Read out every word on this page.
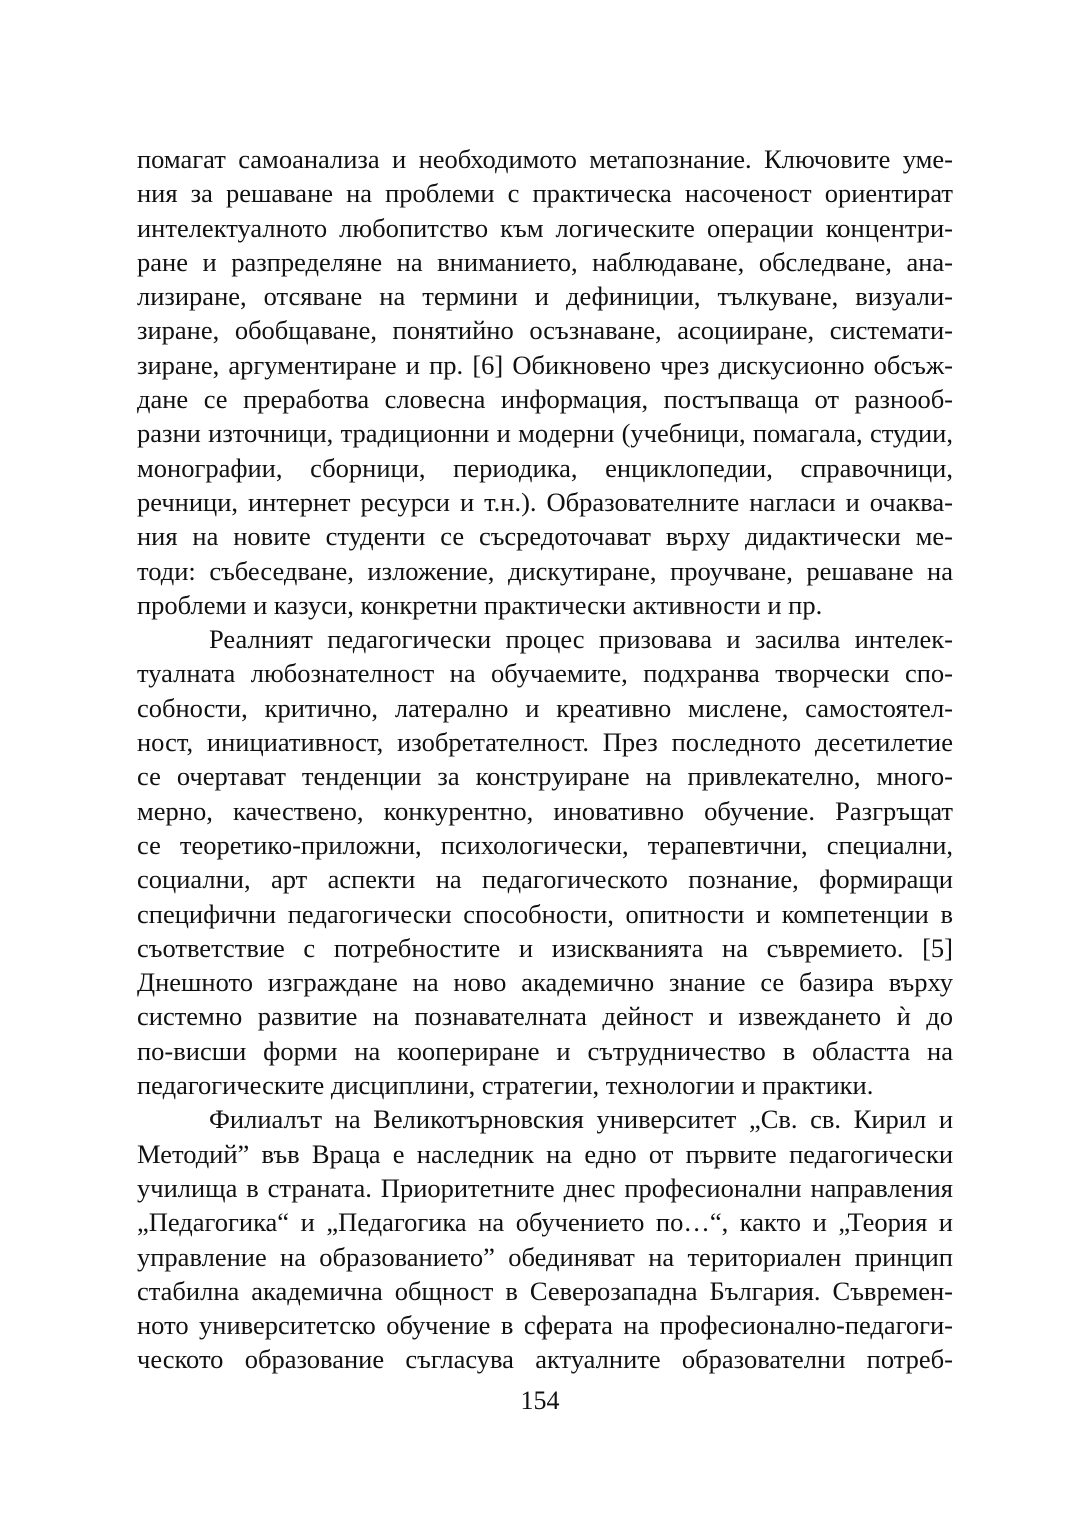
помагат самоанализа и необходимото метапознание. Ключовите уме-
ния за решаване на проблеми с практическа насоченост ориентират
интелектуалното любопитство към логическите операции концентри-
ране и разпределяне на вниманието, наблюдаване, обследване, ана-
лизиране, отсяване на термини и дефиниции, тълкуване, визуали-
зиране, обобщаване, понятийно осъзнаване, асоцииране, системати-
зиране, аргументиране и пр. [6] Обикновено чрез дискусионно обсъж-
дане се преработва словесна информация, постъпваща от разнооб-
разни източници, традиционни и модерни (учебници, помагала, студии,
монографии, сборници, периодика, енциклопедии, справочници,
речници, интернет ресурси и т.н.). Образователните нагласи и очаква-
ния на новите студенти се съсредоточават върху дидактически ме-
тоди: събеседване, изложение, дискутиране, проучване, решаване на
проблеми и казуси, конкретни практически активности и пр.
Реалният педагогически процес призовава и засилва интелек-
туалната любознателност на обучаемите, подхранва творчески спо-
собности, критично, латерално и креативно мислене, самостоятел-
ност, инициативност, изобретателност. През последното десетилетие
се очертават тенденции за конструиране на привлекателно, много-
мерно, качествено, конкурентно, иновативно обучение. Разгръщат
се теоретико-приложни, психологически, терапевтични, специални,
социални, арт аспекти на педагогическото познание, формиращи
специфични педагогически способности, опитности и компетенции в
съответствие с потребностите и изискванията на съвремието. [5]
Днешното изграждане на ново академично знание се базира върху
системно развитие на познавателната дейност и извеждането ѝ до
по-висши форми на коопериране и сътрудничество в областта на
педагогическите дисциплини, стратегии, технологии и практики.
Филиалът на Великотърновския университет „Св. св. Кирил и
Методий” във Враца е наследник на едно от първите педагогически
училища в страната. Приоритетните днес професионални направления
„Педагогика“ и „Педагогика на обучението по…“, както и „Теория и
управление на образованието” обединяват на териториален принцип
стабилна академична общност в Северозападна България. Съвремен-
ното университетско обучение в сферата на професионално-педагоги-
ческото образование съгласува актуалните образователни потреб-
154
